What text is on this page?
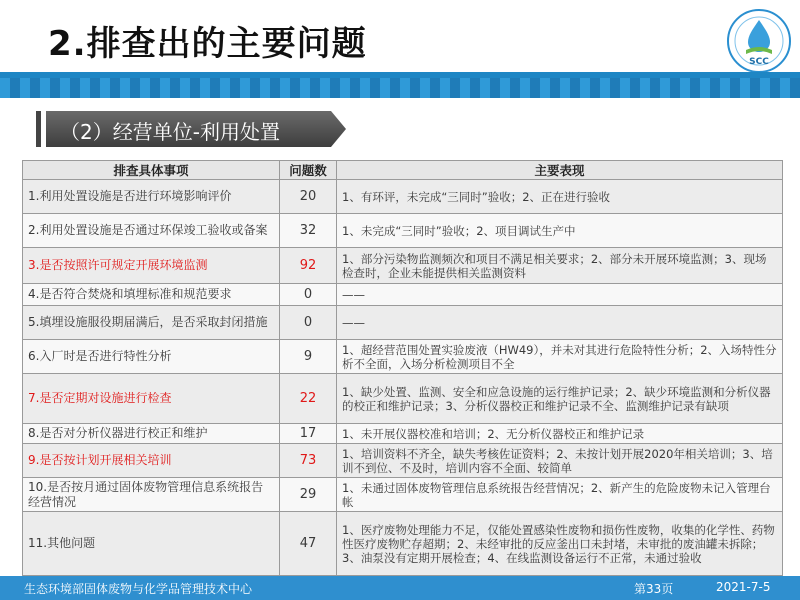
2.排查出的主要问题	SCC
（2）经营单位-利用处置
排查具体事项	问题数	主要表现
1.利用处置设施是否进行环境影响评价	20	1、有环评，未完成“三同时”验收；2、正在进行验收
2.利用处置设施是否通过环保竣工验收或备案	32	1、未完成“三同时”验收；2、项目调试生产中
3.是否按照许可规定开展环境监测	92	1、部分污染物监测频次和项目不满足相关要求；2、部分未开展环境监测；3、现场检查时，企业未能提供相关监测资料
4.是否符合焚烧和填埋标准和规范要求	0	——
5.填埋设施服役期届满后，是否采取封闭措施	0	——
6.入厂时是否进行特性分析	9	1、超经营范围处置实验废液（HW49），并未对其进行危险特性分析；2、入场特性分析不全面，入场分析检测项目不全
7.是否定期对设施进行检查	22	1、缺少处置、监测、安全和应急设施的运行维护记录；2、缺少环境监测和分析仪器的校正和维护记录；3、分析仪器校正和维护记录不全、监测维护记录有缺项
8.是否对分析仪器进行校正和维护	17	1、未开展仪器校准和培训；2、无分析仪器校正和维护记录
9.是否按计划开展相关培训	73	1、培训资料不齐全，缺失考核佐证资料；2、未按计划开展2020年相关培训；3、培训不到位、不及时，培训内容不全面、较简单
10.是否按月通过固体废物管理信息系统报告经营情况	29	1、未通过固体废物管理信息系统报告经营情况；2、新产生的危险废物未记入管理台帐
11.其他问题	47	1、医疗废物处理能力不足，仅能处置感染性废物和损伤性废物，收集的化学性、药物性医疗废物贮存超期；2、未经审批的反应釜出口未封堵，未审批的废油罐未拆除；3、油泵没有定期开展检查；4、在线监测设备运行不正常，未通过验收
生态环境部固体废物与化学品管理技术中心	第33页	2021-7-5
